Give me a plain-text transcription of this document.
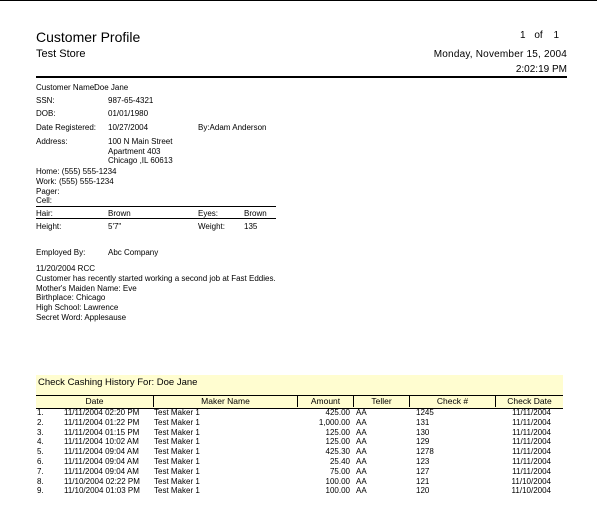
Customer Profile
Test Store
1 of 1
Monday, November 15, 2004
2:02:19 PM
Customer Name:
Doe Jane
SSN:	987-65-4321
DOB:	01/01/1980
Date Registered: 10/27/2004	By:Adam Anderson
Address:	100 N Main Street
Apartment 403
Chicago ,IL 60613
Home: (555) 555-1234
Work: (555) 555-1234
Pager:
Cell:
Hair:	Brown	Eyes:	Brown
Height:	5'7"	Weight: 135
Employed By:	Abc Company
11/20/2004 RCC
Customer has recently started working a second job at Fast Eddies.
Mother's Maiden Name: Eve
Birthplace: Chicago
High School: Lawrence
Secret Word: Applesause
Check Cashing History For: Doe Jane
Date	Maker Name	Amount	Teller	Check #	Check Date
1.	11/11/2004 02:20 PM Test Maker 1	425.00 AA	1245	11/11/2004
2.	11/11/2004 01:22 PM Test Maker 1	1,000.00 AA	131	11/11/2004
3.	11/11/2004 01:15 PM Test Maker 1	125.00 AA	130	11/11/2004
4.	11/11/2004 10:02 AM Test Maker 1	125.00 AA	129	11/11/2004
5.	11/11/2004 09:04 AM Test Maker 1	425.30 AA	1278	11/11/2004
6.	11/11/2004 09:04 AM Test Maker 1	25.40 AA	123	11/11/2004
7.	11/11/2004 09:04 AM Test Maker 1	75.00 AA	127	11/11/2004
8.	11/10/2004 02:22 PM Test Maker 1	100.00 AA	121	11/10/2004
9.	11/10/2004 01:03 PM Test Maker 1	100.00 AA	120	11/10/2004
